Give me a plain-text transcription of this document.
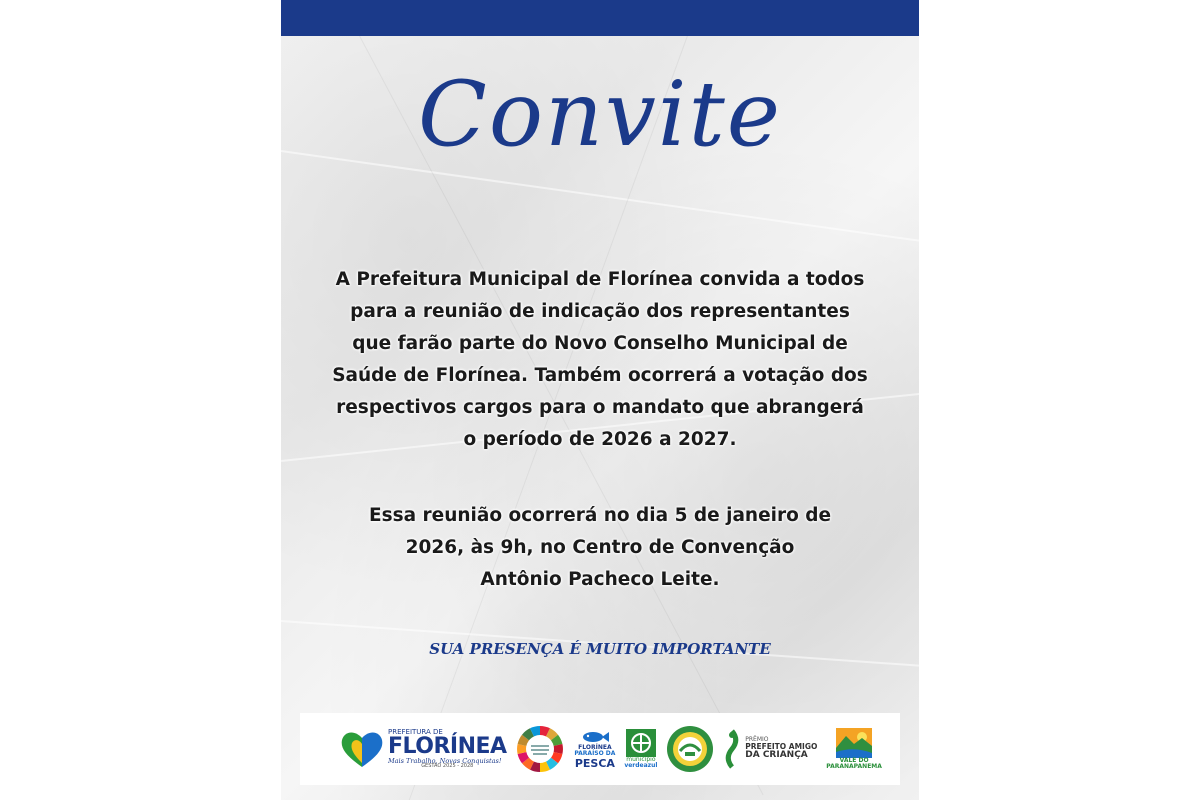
Convite
A Prefeitura Municipal de Florínea convida a todos
para a reunião de indicação dos representantes
que farão parte do Novo Conselho Municipal de
Saúde de Florínea. Também ocorrerá a votação dos
respectivos cargos para o mandato que abrangerá
o período de 2026 a 2027.
Essa reunião ocorrerá no dia 5 de janeiro de
2026, às 9h, no Centro de Convenção
Antônio Pacheco Leite.
SUA PRESENÇA É MUITO IMPORTANTE
PREFEITURA DE
FLORÍNEA
Mais Trabalho, Novas Conquistas!
GESTÃO 2025 - 2028
FLORÍNEA
PARAÍSO DA
PESCA município
verdeazul
PRÊMIO
PREFEITO AMIGO
DA CRIANÇA	VALE DO
PARANAPANEMA
